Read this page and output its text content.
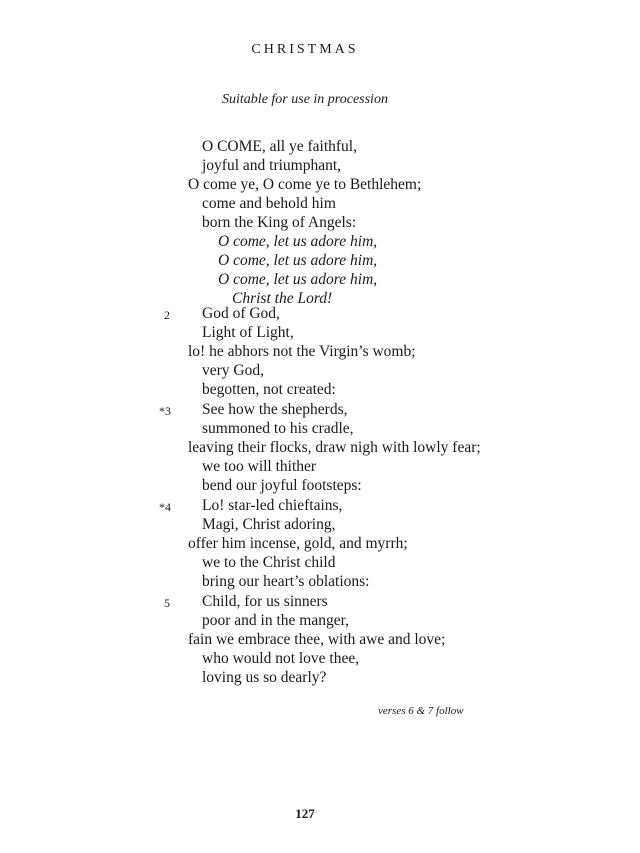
CHRISTMAS
Suitable for use in procession
O COME, all ye faithful,
joyful and triumphant,
O come ye, O come ye to Bethlehem;
come and behold him
born the King of Angels:
O come, let us adore him,
O come, let us adore him,
O come, let us adore him,
Christ the Lord!
2 God of God,
Light of Light,
lo! he abhors not the Virgin’s womb;
very God,
begotten, not created:
*3 See how the shepherds,
summoned to his cradle,
leaving their flocks, draw nigh with lowly fear;
we too will thither
bend our joyful footsteps:
*4 Lo! star-led chieftains,
Magi, Christ adoring,
offer him incense, gold, and myrrh;
we to the Christ child
bring our heart’s oblations:
5 Child, for us sinners
poor and in the manger,
fain we embrace thee, with awe and love;
who would not love thee,
loving us so dearly?
verses 6 & 7 follow
127
